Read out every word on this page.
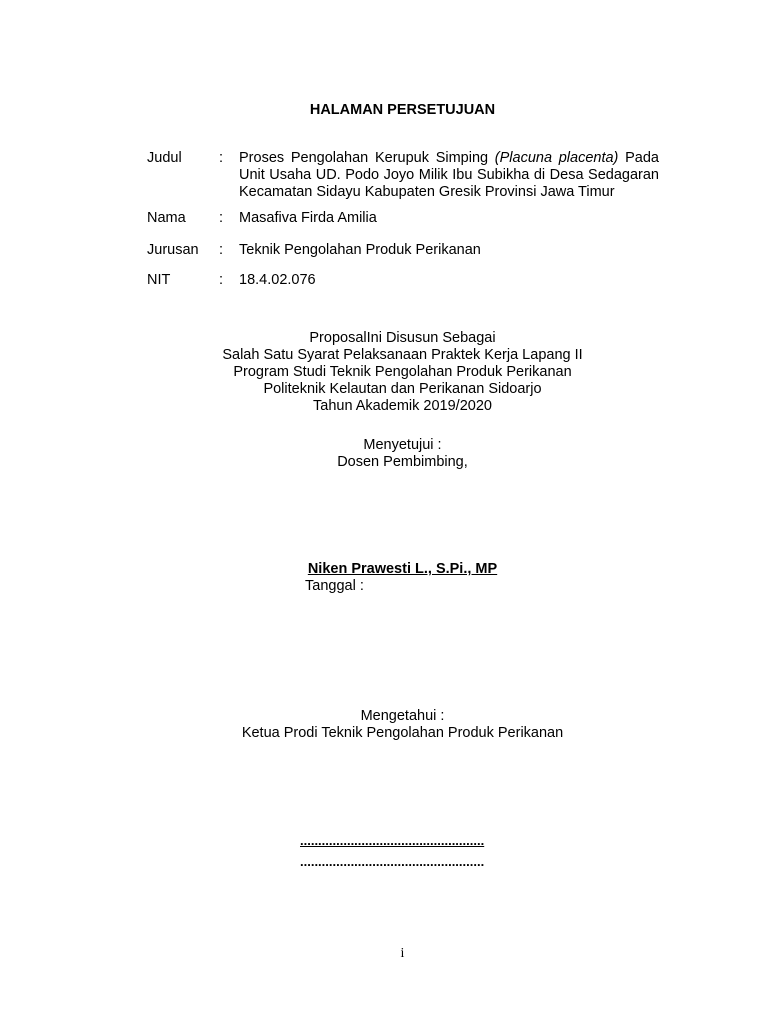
HALAMAN PERSETUJUAN
Judul	: Proses Pengolahan Kerupuk Simping (Placuna placenta) Pada Unit Usaha UD. Podo Joyo Milik Ibu Subikha di Desa Sedagaran Kecamatan Sidayu Kabupaten Gresik Provinsi Jawa Timur
Nama	: Masafiva Firda Amilia
Jurusan	: Teknik Pengolahan Produk Perikanan
NIT	: 18.4.02.076
ProposalIni Disusun Sebagai
Salah Satu Syarat Pelaksanaan Praktek Kerja Lapang II
Program Studi Teknik Pengolahan Produk Perikanan
Politeknik Kelautan dan Perikanan Sidoarjo
Tahun Akademik 2019/2020
Menyetujui :
Dosen Pembimbing,
Niken Prawesti L., S.Pi., MP
Tanggal :
Mengetahui :
Ketua Prodi Teknik Pengolahan Produk Perikanan
...................................................
...................................................
i
